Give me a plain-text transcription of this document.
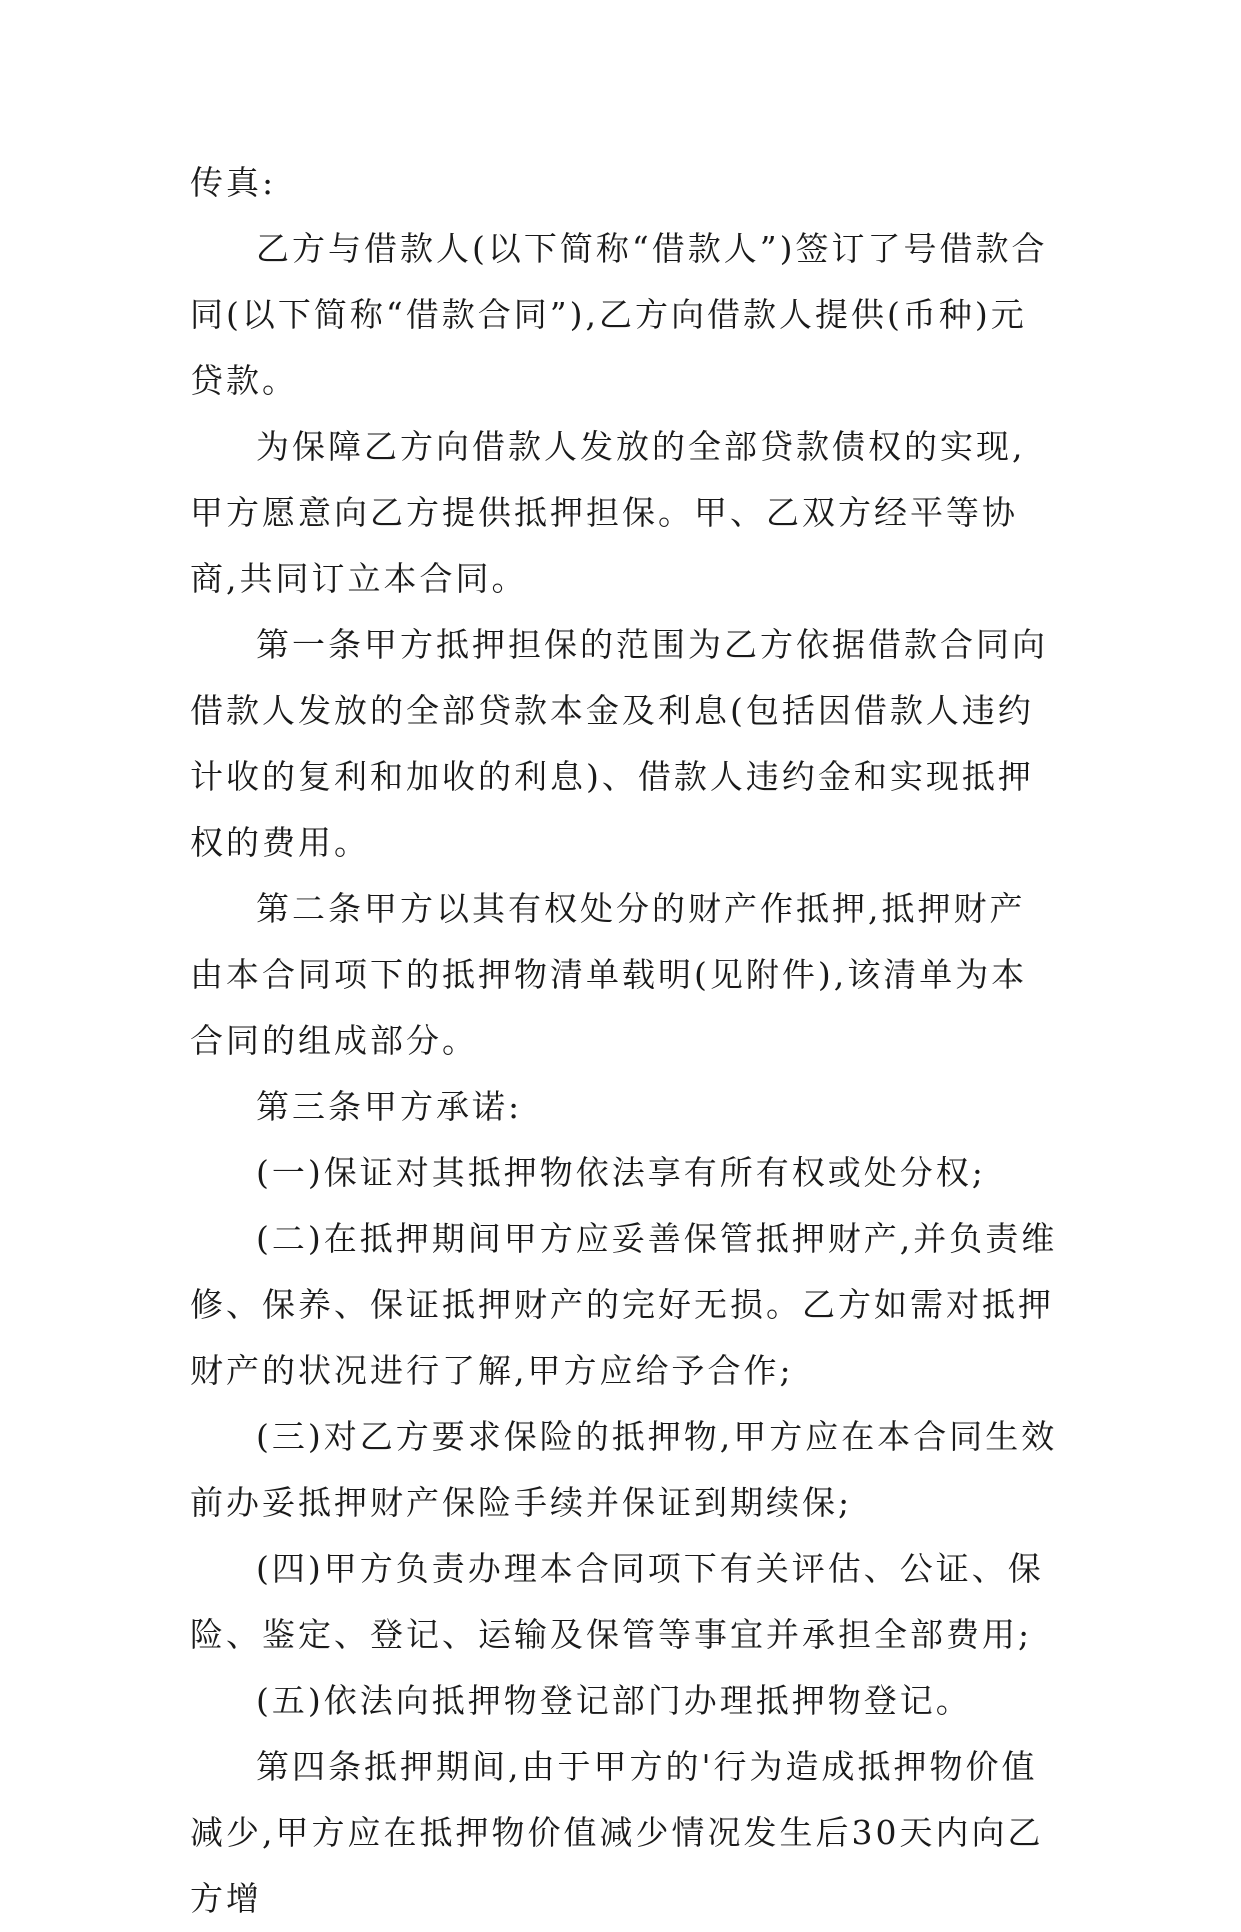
传真:

乙方与借款人(以下简称“借款人”)签订了号借款合同(以下简称“借款合同”),乙方向借款人提供(币种)元贷款。

为保障乙方向借款人发放的全部贷款债权的实现,甲方愿意向乙方提供抵押担保。甲、乙双方经平等协商,共同订立本合同。

第一条甲方抵押担保的范围为乙方依据借款合同向借款人发放的全部贷款本金及利息(包括因借款人违约计收的复利和加收的利息)、借款人违约金和实现抵押权的费用。

第二条甲方以其有权处分的财产作抵押,抵押财产由本合同项下的抵押物清单载明(见附件),该清单为本合同的组成部分。

第三条甲方承诺:

(一)保证对其抵押物依法享有所有权或处分权;

(二)在抵押期间甲方应妥善保管抵押财产,并负责维修、保养、保证抵押财产的完好无损。乙方如需对抵押财产的状况进行了解,甲方应给予合作;

(三)对乙方要求保险的抵押物,甲方应在本合同生效前办妥抵押财产保险手续并保证到期续保;

(四)甲方负责办理本合同项下有关评估、公证、保险、鉴定、登记、运输及保管等事宜并承担全部费用;

(五)依法向抵押物登记部门办理抵押物登记。

第四条抵押期间,由于甲方的'行为造成抵押物价值减少,甲方应在抵押物价值减少情况发生后30天内向乙方增
